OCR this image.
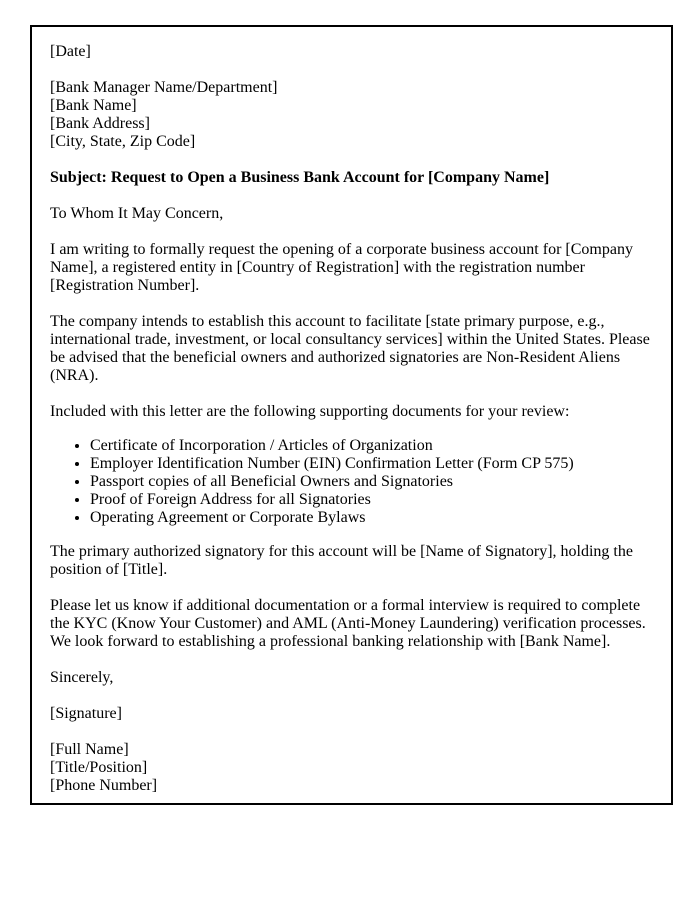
[Date]

[Bank Manager Name/Department]

[Bank Name]

[Bank Address]

[City, State, Zip Code]

Subject: Request to Open a Business Bank Account for [Company Name]

To Whom It May Concern,

I am writing to formally request the opening of a corporate business account for [Company Name], a registered entity in [Country of Registration] with the registration number [Registration Number].

The company intends to establish this account to facilitate [state primary purpose, e.g., international trade, investment, or local consultancy services] within the United States. Please be advised that the beneficial owners and authorized signatories are Non-Resident Aliens (NRA).

Included with this letter are the following supporting documents for your review:

• Certificate of Incorporation / Articles of Organization
• Employer Identification Number (EIN) Confirmation Letter (Form CP 575)
• Passport copies of all Beneficial Owners and Signatories
• Proof of Foreign Address for all Signatories
• Operating Agreement or Corporate Bylaws

The primary authorized signatory for this account will be [Name of Signatory], holding the position of [Title].

Please let us know if additional documentation or a formal interview is required to complete the KYC (Know Your Customer) and AML (Anti-Money Laundering) verification processes. We look forward to establishing a professional banking relationship with [Bank Name].

Sincerely,

[Signature]

[Full Name]

[Title/Position]

[Phone Number]
